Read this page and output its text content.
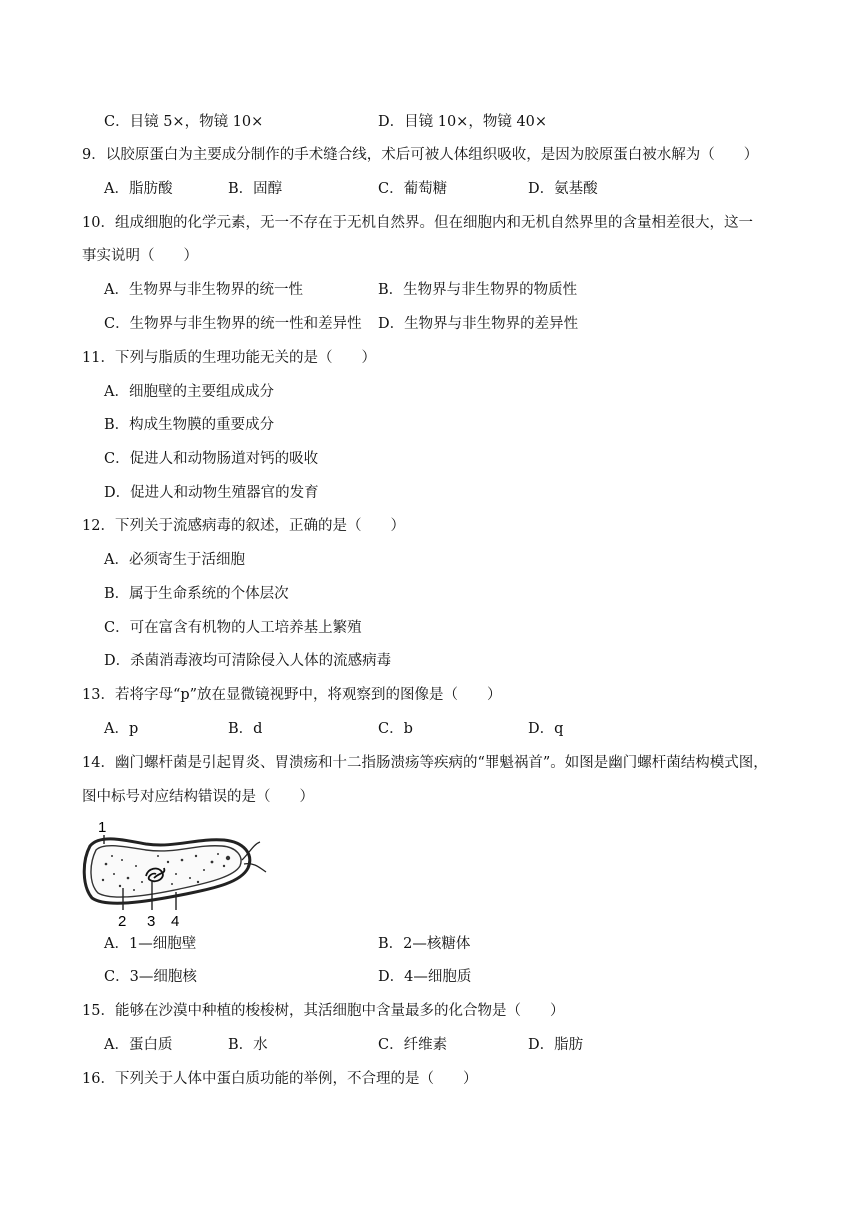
C．目镜 5×，物镜 10×	D．目镜 10×，物镜 40×
9．以胶原蛋白为主要成分制作的手术缝合线，术后可被人体组织吸收，是因为胶原蛋白被水解为（　　）
A．脂肪酸	B．固醇	C．葡萄糖	D．氨基酸
10．组成细胞的化学元素，无一不存在于无机自然界。但在细胞内和无机自然界里的含量相差很大，这一
事实说明（　　）
A．生物界与非生物界的统一性	B．生物界与非生物界的物质性
C．生物界与非生物界的统一性和差异性 D．生物界与非生物界的差异性
11．下列与脂质的生理功能无关的是（　　）
A．细胞壁的主要组成成分
B．构成生物膜的重要成分
C．促进人和动物肠道对钙的吸收
D．促进人和动物生殖器官的发育
12．下列关于流感病毒的叙述，正确的是（　　）
A．必须寄生于活细胞
B．属于生命系统的个体层次
C．可在富含有机物的人工培养基上繁殖
D．杀菌消毒液均可清除侵入人体的流感病毒
13．若将字母“p”放在显微镜视野中，将观察到的图像是（　　）
A．p	B．d	C．b	D．q
14．幽门螺杆菌是引起胃炎、胃溃疡和十二指肠溃疡等疾病的“罪魁祸首”。如图是幽门螺杆菌结构模式图，
图中标号对应结构错误的是（　　）
1
2 3 4
A．1—细胞壁	B．2—核糖体
C．3—细胞核	D．4—细胞质
15．能够在沙漠中种植的梭梭树，其活细胞中含量最多的化合物是（　　）
A．蛋白质	B．水	C．纤维素	D．脂肪
16．下列关于人体中蛋白质功能的举例，不合理的是（　　）
